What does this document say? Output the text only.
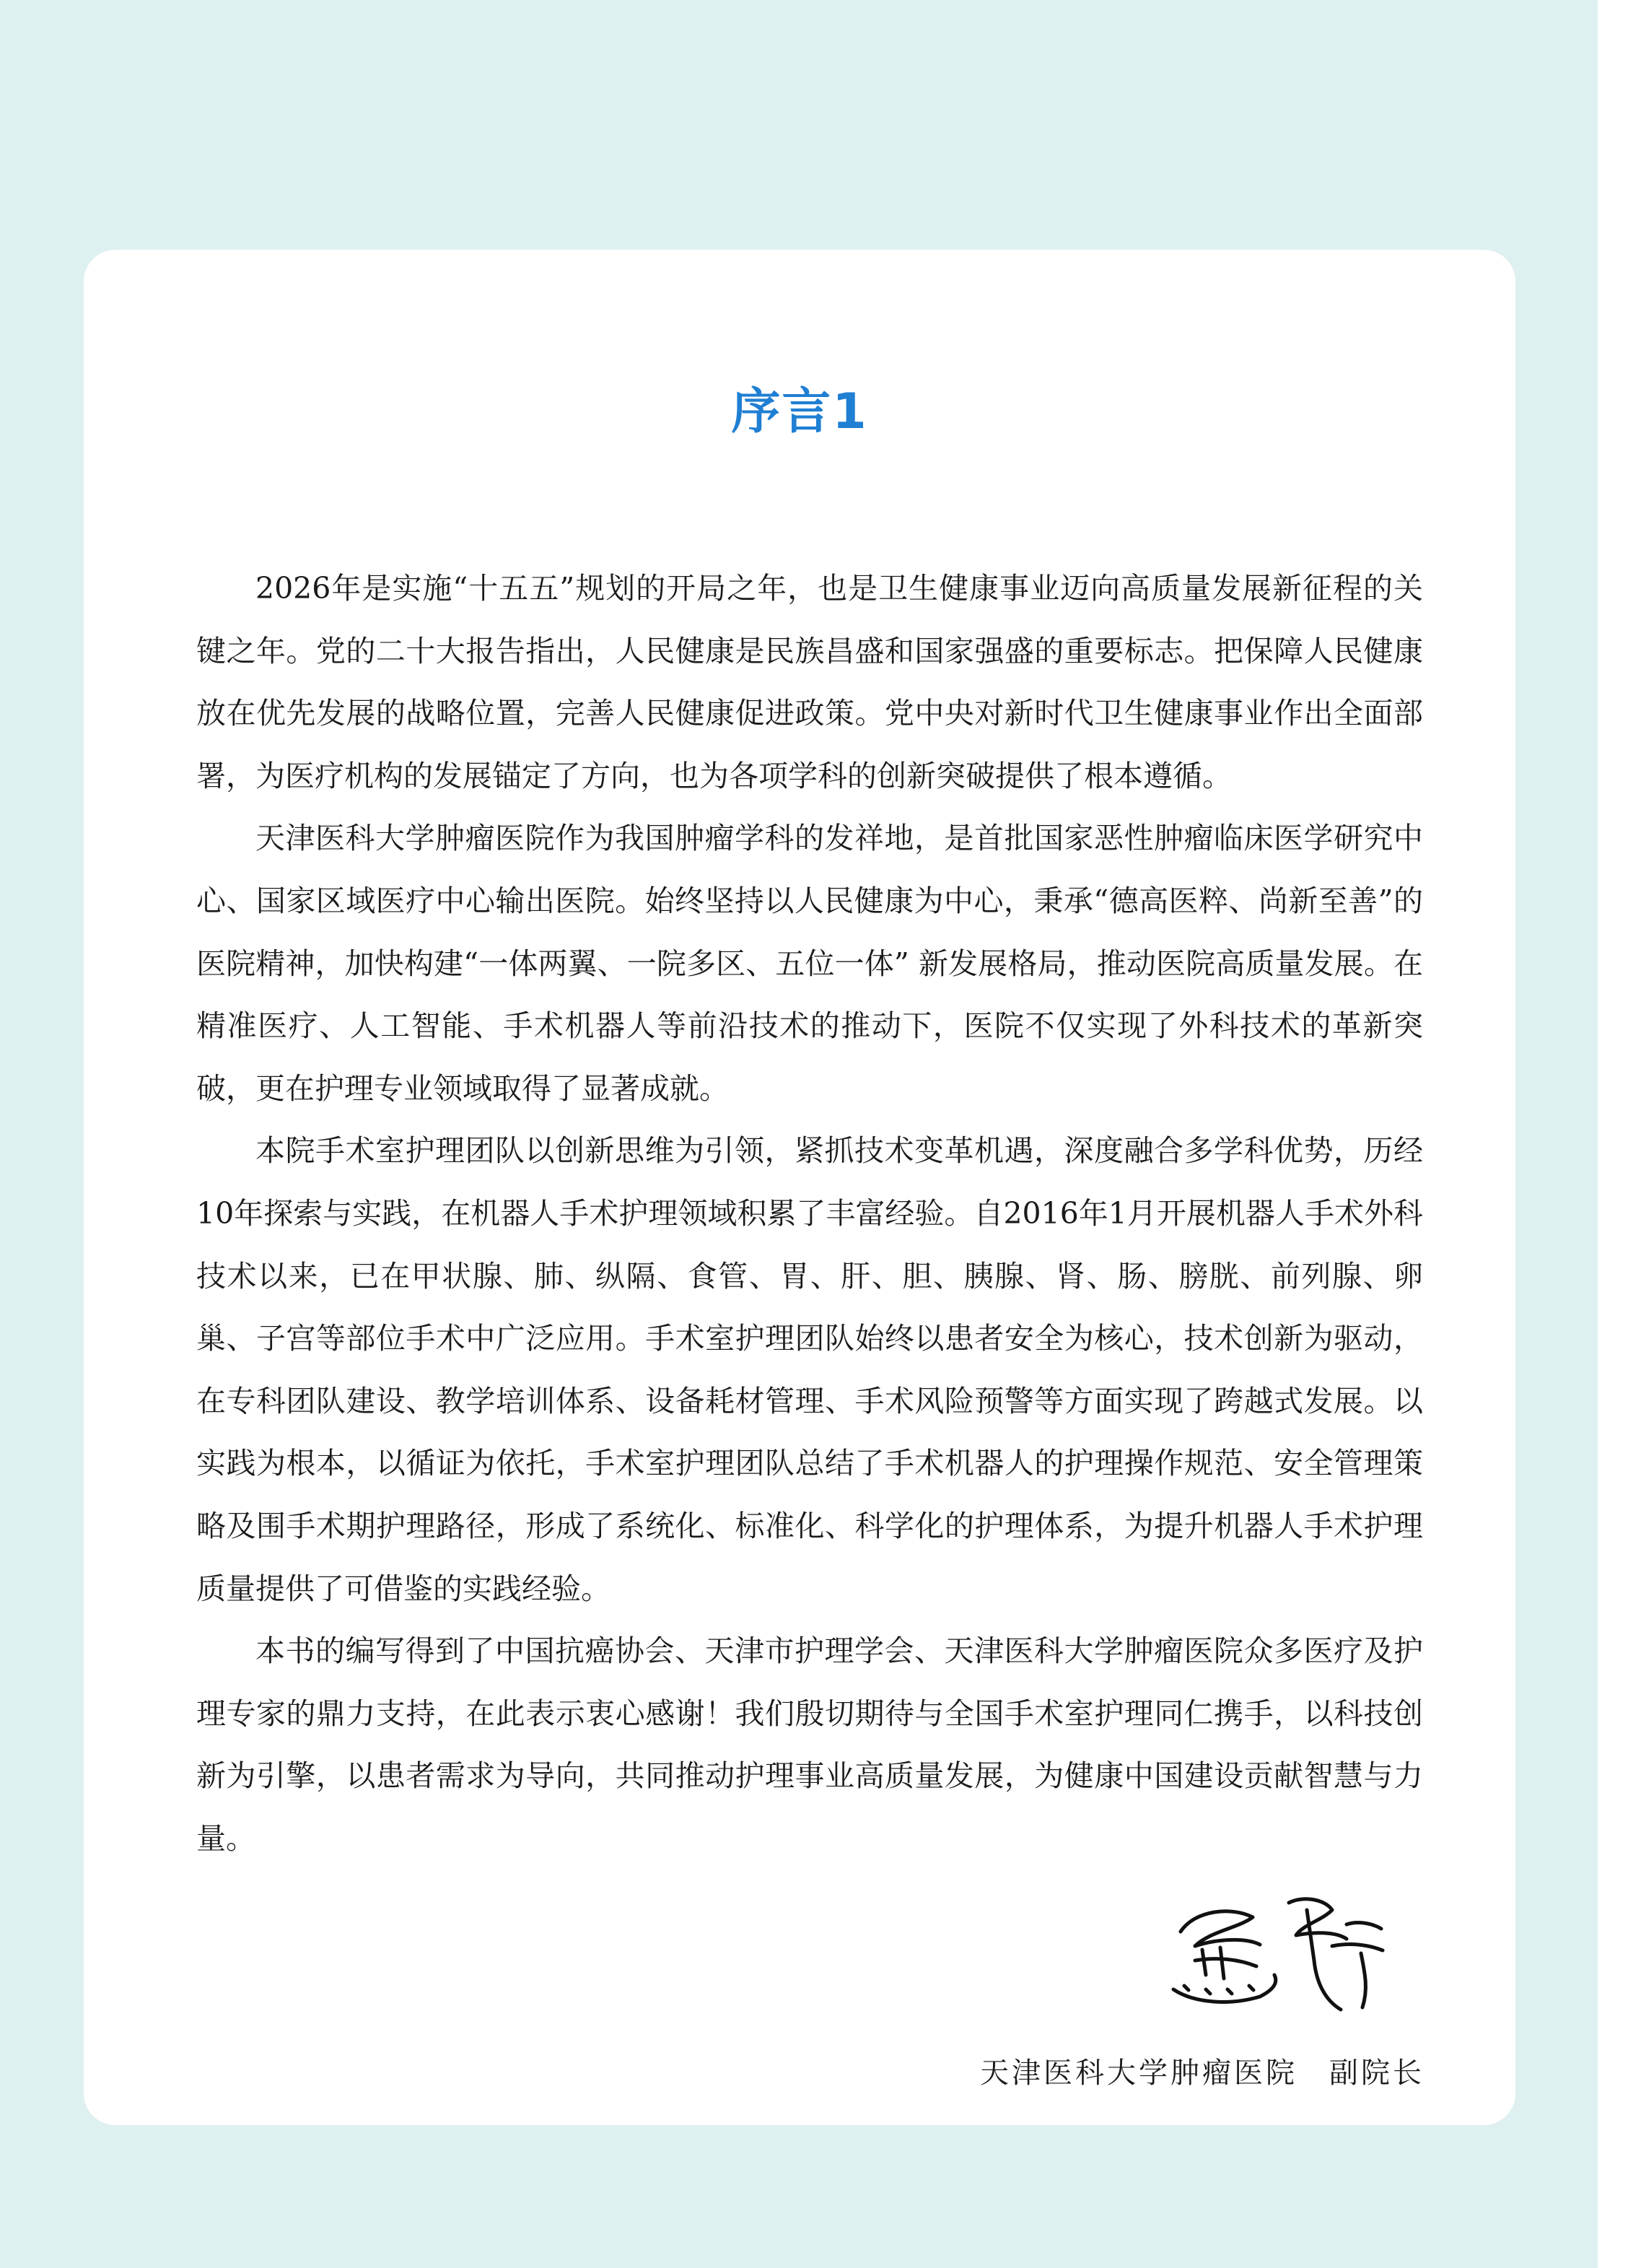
序言1

2026年是实施“十五五”规划的开局之年，也是卫生健康事业迈向高质量发展新征程的关键之年。党的二十大报告指出，人民健康是民族昌盛和国家强盛的重要标志。把保障人民健康放在优先发展的战略位置，完善人民健康促进政策。党中央对新时代卫生健康事业作出全面部署，为医疗机构的发展锚定了方向，也为各项学科的创新突破提供了根本遵循。

天津医科大学肿瘤医院作为我国肿瘤学科的发祥地，是首批国家恶性肿瘤临床医学研究中心、国家区域医疗中心输出医院。始终坚持以人民健康为中心，秉承“德高医粹、尚新至善”的医院精神，加快构建“一体两翼、一院多区、五位一体” 新发展格局，推动医院高质量发展。在精准医疗、人工智能、手术机器人等前沿技术的推动下，医院不仅实现了外科技术的革新突破，更在护理专业领域取得了显著成就。

本院手术室护理团队以创新思维为引领，紧抓技术变革机遇，深度融合多学科优势，历经10年探索与实践，在机器人手术护理领域积累了丰富经验。自2016年1月开展机器人手术外科技术以来，已在甲状腺、肺、纵隔、食管、胃、肝、胆、胰腺、肾、肠、膀胱、前列腺、卵巢、子宫等部位手术中广泛应用。手术室护理团队始终以患者安全为核心，技术创新为驱动，在专科团队建设、教学培训体系、设备耗材管理、手术风险预警等方面实现了跨越式发展。以实践为根本，以循证为依托，手术室护理团队总结了手术机器人的护理操作规范、安全管理策略及围手术期护理路径，形成了系统化、标准化、科学化的护理体系，为提升机器人手术护理质量提供了可借鉴的实践经验。

本书的编写得到了中国抗癌协会、天津市护理学会、天津医科大学肿瘤医院众多医疗及护理专家的鼎力支持，在此表示衷心感谢！我们殷切期待与全国手术室护理同仁携手，以科技创新为引擎，以患者需求为导向，共同推动护理事业高质量发展，为健康中国建设贡献智慧与力量。

天津医科大学肿瘤医院　副院长
